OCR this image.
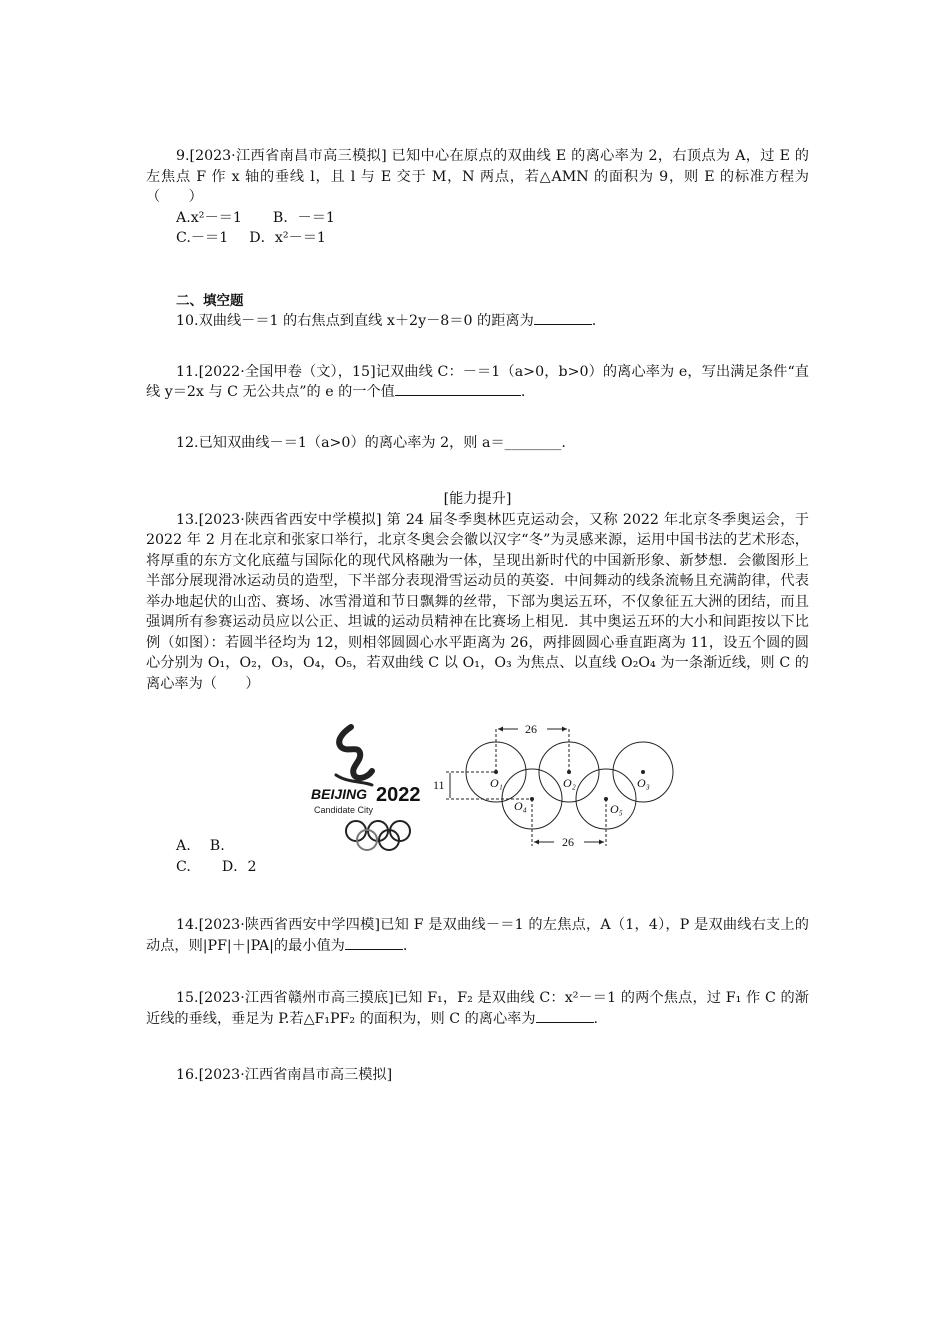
9.[2023·江西省南昌市高三模拟] 已知中心在原点的双曲线 E 的离心率为 2，右顶点为 A，过 E 的左焦点 F 作 x 轴的垂线 l，且 l 与 E 交于 M，N 两点，若△AMN 的面积为 9，则 E 的标准方程为（　　）

A.x²－＝1 B．－＝1

C.－＝1 D．x²－＝1

二、填空题

10.双曲线－＝1 的右焦点到直线 x＋2y－8＝0 的距离为	.

11.[2022·全国甲卷（文），15]记双曲线 C：－＝1（a>0，b>0）的离心率为 e，写出满足条件“直线 y＝2x 与 C 无公共点”的 e 的一个值	.

12.已知双曲线－＝1（a>0）的离心率为 2，则 a＝________.

[能力提升]

13.[2023·陕西省西安中学模拟] 第 24 届冬季奥林匹克运动会，又称 2022 年北京冬季奥运会，于 2022 年 2 月在北京和张家口举行，北京冬奥会会徽以汉字“冬”为灵感来源，运用中国书法的艺术形态，将厚重的东方文化底蕴与国际化的现代风格融为一体，呈现出新时代的中国新形象、新梦想．会徽图形上半部分展现滑冰运动员的造型，下半部分表现滑雪运动员的英姿．中间舞动的线条流畅且充满韵律，代表举办地起伏的山峦、赛场、冰雪滑道和节日飘舞的丝带，下部为奥运五环，不仅象征五大洲的团结，而且强调所有参赛运动员应以公正、坦诚的运动员精神在比赛场上相见．其中奥运五环的大小和间距按以下比例（如图）：若圆半径均为 12，则相邻圆圆心水平距离为 26，两排圆圆心垂直距离为 11，设五个圆的圆心分别为 O₁，O₂，O₃，O₄，O₅，若双曲线 C 以 O₁，O₃ 为焦点、以直线 O₂O₄ 为一条渐近线，则 C 的离心率为（　　）

A. B.

C. D．2

14.[2023·陕西省西安中学四模]已知 F 是双曲线－＝1 的左焦点，A（1，4），P 是双曲线右支上的动点，则|PF|＋|PA|的最小值为	.

15.[2023·江西省赣州市高三摸底]已知 F₁，F₂ 是双曲线 C：x²－＝1 的两个焦点，过 F₁ 作 C 的渐近线的垂线，垂足为 P.若△F₁PF₂ 的面积为，则 C 的离心率为	.

16.[2023·江西省南昌市高三模拟]

BEIJING 2022
Candidate City
26
26
11	O₁	O₂	O₃
O₄	O₅
